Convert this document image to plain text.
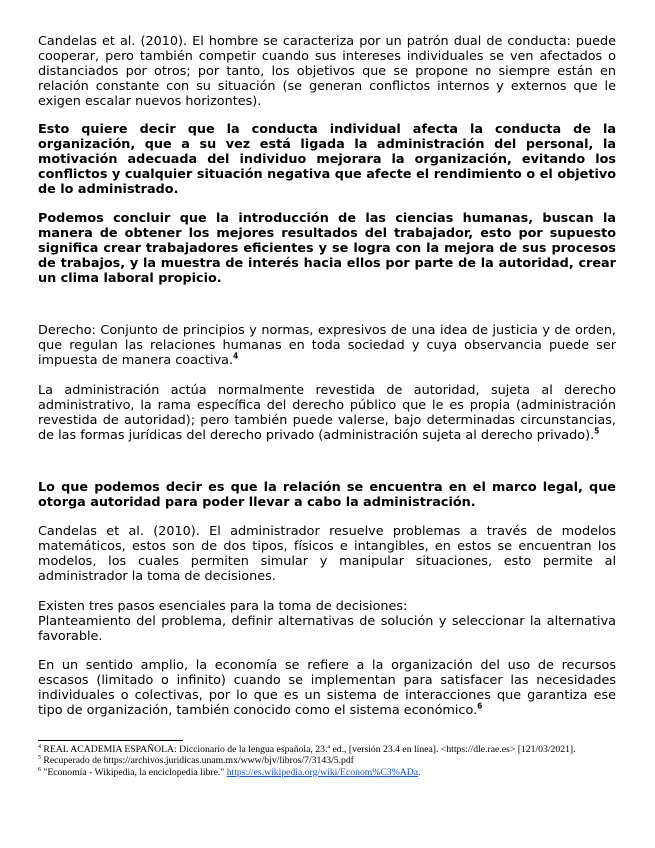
Candelas et al. (2010). El hombre se caracteriza por un patrón dual de conducta: puede cooperar, pero también competir cuando sus intereses individuales se ven afectados o distanciados por otros; por tanto, los objetivos que se propone no siempre están en relación constante con su situación (se generan conflictos internos y externos que le exigen escalar nuevos horizontes).

Esto quiere decir que la conducta individual afecta la conducta de la organización, que a su vez está ligada la administración del personal, la motivación adecuada del individuo mejorara la organización, evitando los conflictos y cualquier situación negativa que afecte el rendimiento o el objetivo de lo administrado.

Podemos concluir que la introducción de las ciencias humanas, buscan la manera de obtener los mejores resultados del trabajador, esto por supuesto significa crear trabajadores eficientes y se logra con la mejora de sus procesos de trabajos, y la muestra de interés hacia ellos por parte de la autoridad, crear un clima laboral propicio.

Derecho: Conjunto de principios y normas, expresivos de una idea de justicia y de orden, que regulan las relaciones humanas en toda sociedad y cuya observancia puede ser impuesta de manera coactiva.$^4$

La administración actúa normalmente revestida de autoridad, sujeta al derecho administrativo, la rama específica del derecho público que le es propia (administración revestida de autoridad); pero también puede valerse, bajo determinadas circunstancias, de las formas jurídicas del derecho privado (administración sujeta al derecho privado).$^5$

Lo que podemos decir es que la relación se encuentra en el marco legal, que otorga autoridad para poder llevar a cabo la administración.

Candelas et al. (2010). El administrador resuelve problemas a través de modelos matemáticos, estos son de dos tipos, físicos e intangibles, en estos se encuentran los modelos, los cuales permiten simular y manipular situaciones, esto permite al administrador la toma de decisiones.

Existen tres pasos esenciales para la toma de decisiones:
Planteamiento del problema, definir alternativas de solución y seleccionar la alternativa favorable.

En un sentido amplio, la economía se refiere a la organización del uso de recursos escasos (limitado o infinito) cuando se implementan para satisfacer las necesidades individuales o colectivas, por lo que es un sistema de interacciones que garantiza ese tipo de organización, también conocido como el sistema económico.$^6$

$^4$ REAL ACADEMIA ESPAÑOLA: Diccionario de la lengua española, 23.ª ed., [versión 23.4 en línea]. <https://dle.rae.es> [121/03/2021].

$^5$ Recuperado de https://archivos.juridicas.unam.mx/www/bjv/libros/7/3143/5.pdf

$^6$ "Economía - Wikipedia, la enciclopedia libre." https://es.wikipedia.org/wiki/Econom%C3%ADa.
